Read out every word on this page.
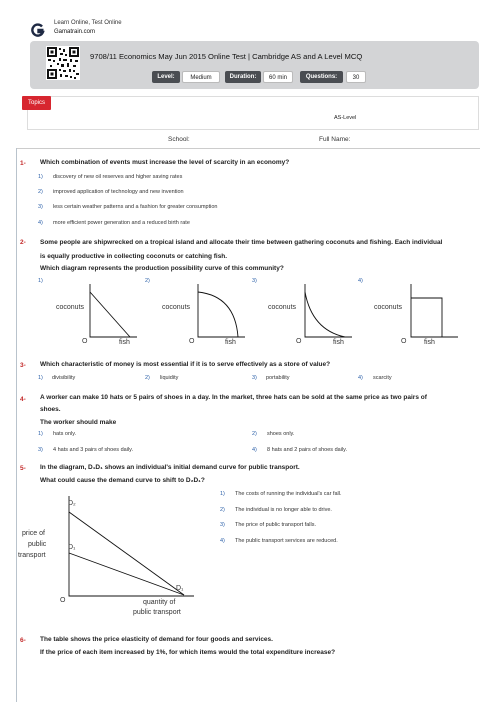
Learn Online, Test Online
Gamatrain.com
9708/11 Economics May Jun 2015 Online Test | Cambridge AS and A Level MCQ
Level:	Medium	Duration:	60 min	Questions:	30
Topics
AS-Level
School:	Full Name:
1- Which combination of events must increase the level of scarcity in an economy?
1) discovery of new oil reserves and higher saving rates
2) improved application of technology and new invention
3) less certain weather patterns and a fashion for greater consumption
4) more efficient power generation and a reduced birth rate
2- Some people are shipwrecked on a tropical island and allocate their time between gathering coconuts and fishing. Each individual
is equally productive in collecting coconuts or catching fish.
Which diagram represents the production possibility curve of this community?
1)	2)	3)	4)
coconuts	coconuts	coconuts	coconuts
O	O	O	O
fish	fish	fish	fish
3- Which characteristic of money is most essential if it is to serve effectively as a store of value?
1) divisibility	2) liquidity	3) portability	4) scarcity
4- A worker can make 10 hats or 5 pairs of shoes in a day. In the market, three hats can be sold at the same price as two pairs of
shoes.
The worker should make
1) hats only.	2) shoes only.
3) 4 hats and 3 pairs of shoes daily.	4) 8 hats and 2 pairs of shoes daily.
5- In the diagram, D₁D₁ shows an individual's initial demand curve for public transport.
What could cause the demand curve to shift to D₂D₁?
D₂
D₁
D₁
O
price of
public
transport
quantity of
public transport
1) The costs of running the individual's car fall.
2) The individual is no longer able to drive.
3) The price of public transport falls.
4) The public transport services are reduced.
6- The table shows the price elasticity of demand for four goods and services.
If the price of each item increased by 1%, for which items would the total expenditure increase?
